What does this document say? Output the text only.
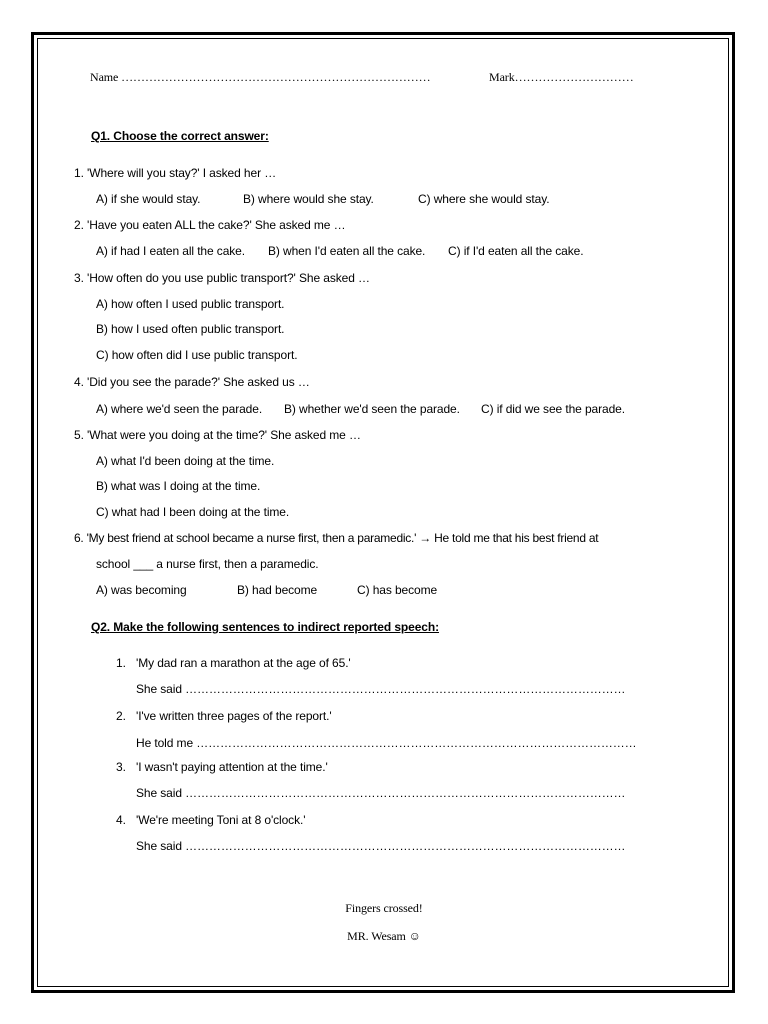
Name ……………………………………………………………………	Mark…………………………
Q1. Choose the correct answer:
1. 'Where will you stay?' I asked her …
A) if she would stay.	B) where would she stay.	C) where she would stay.
2. 'Have you eaten ALL the cake?' She asked me …
A) if had I eaten all the cake. B) when I'd eaten all the cake. C) if I'd eaten all the cake.
3. 'How often do you use public transport?' She asked …
A) how often I used public transport.
B) how I used often public transport.
C) how often did I use public transport.
4. 'Did you see the parade?' She asked us …
A) where we'd seen the parade. B) whether we'd seen the parade. C) if did we see the parade.
5. 'What were you doing at the time?' She asked me …
A) what I'd been doing at the time.
B) what was I doing at the time.
C) what had I been doing at the time.
6. 'My best friend at school became a nurse first, then a paramedic.' → He told me that his best friend at
school ___ a nurse first, then a paramedic.
A) was becoming	B) had become	C) has become
Q2. Make the following sentences to indirect reported speech:
1. 'My dad ran a marathon at the age of 65.'
She said …………………………………………………………………………………………………
2. 'I've written three pages of the report.'
He told me …………………………………………………………………………………………………
3. 'I wasn't paying attention at the time.'
She said …………………………………………………………………………………………………
4. 'We're meeting Toni at 8 o'clock.'
She said …………………………………………………………………………………………………
Fingers crossed!
MR. Wesam ☺
